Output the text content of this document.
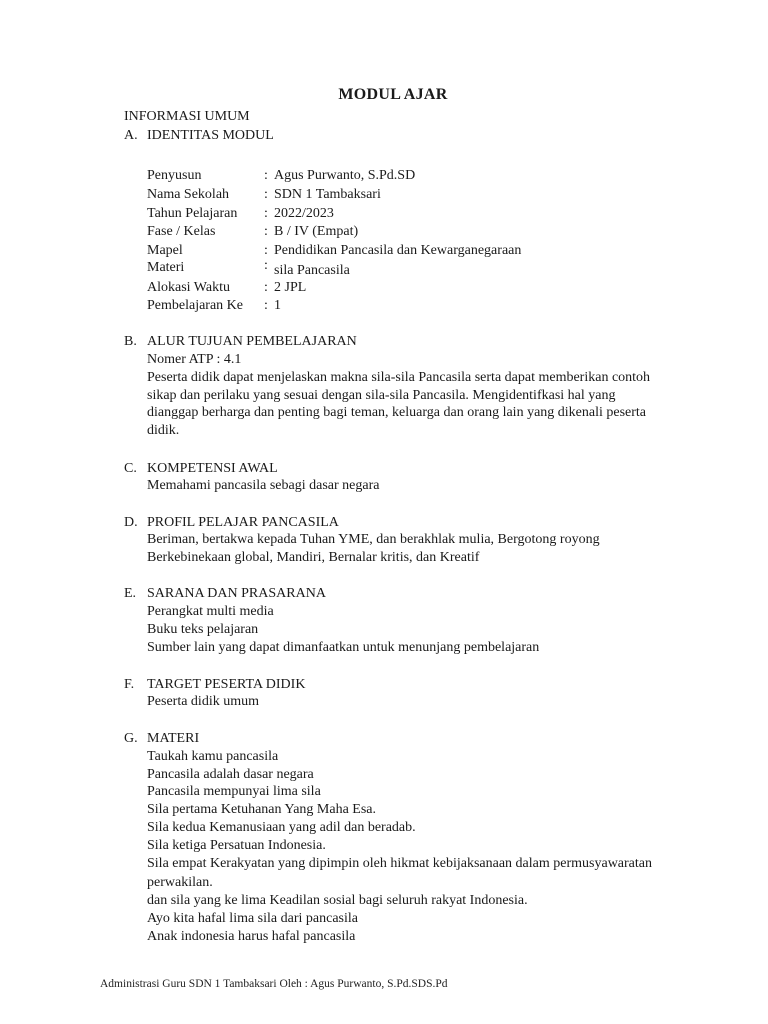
MODUL AJAR
INFORMASI UMUM
A. IDENTITAS MODUL
Penyusun	: Agus Purwanto, S.Pd.SD
Nama Sekolah : SDN 1 Tambaksari
Tahun Pelajaran : 2022/2023
Fase / Kelas	: B / IV (Empat)
Mapel	: Pendidikan Pancasila dan Kewarganegaraan
Materi	: sila Pancasila
Alokasi Waktu : 2 JPL
Pembelajaran Ke : 1
B. ALUR TUJUAN PEMBELAJARAN
Nomer ATP : 4.1
Peserta didik dapat menjelaskan makna sila-sila Pancasila serta dapat memberikan contoh
sikap dan perilaku yang sesuai dengan sila-sila Pancasila. Mengidentifkasi hal yang
dianggap berharga dan penting bagi teman, keluarga dan orang lain yang dikenali peserta
didik.
C. KOMPETENSI AWAL
Memahami pancasila sebagi dasar negara
D. PROFIL PELAJAR PANCASILA
Beriman, bertakwa kepada Tuhan YME, dan berakhlak mulia, Bergotong royong
Berkebinekaan global, Mandiri, Bernalar kritis, dan Kreatif
E. SARANA DAN PRASARANA
Perangkat multi media
Buku teks pelajaran
Sumber lain yang dapat dimanfaatkan untuk menunjang pembelajaran
F. TARGET PESERTA DIDIK
Peserta didik umum
G. MATERI
Taukah kamu pancasila
Pancasila adalah dasar negara
Pancasila mempunyai lima sila
Sila pertama Ketuhanan Yang Maha Esa.
Sila kedua Kemanusiaan yang adil dan beradab.
Sila ketiga Persatuan Indonesia.
Sila empat Kerakyatan yang dipimpin oleh hikmat kebijaksanaan dalam permusyawaratan
perwakilan.
dan sila yang ke lima Keadilan sosial bagi seluruh rakyat Indonesia.
Ayo kita hafal lima sila dari pancasila
Anak indonesia harus hafal pancasila
Administrasi Guru SDN 1 Tambaksari Oleh : Agus Purwanto, S.Pd.SDS.Pd
